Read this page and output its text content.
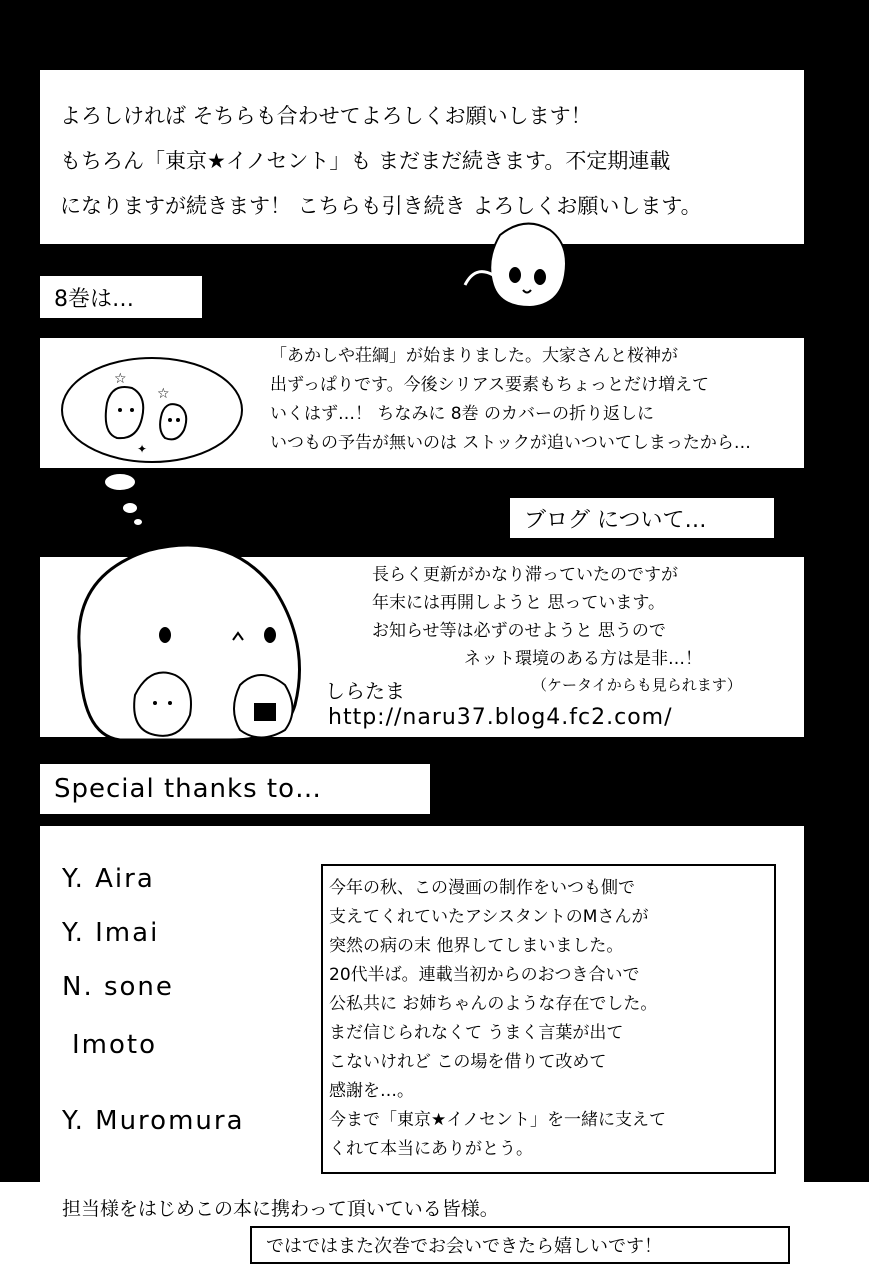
よろしければ そちらも合わせてよろしくお願いします！
もちろん「東京★イノセント」も まだまだ続きます。不定期連載
になりますが続きます！ こちらも引き続き よろしくお願いします。
8巻は…
☆
☆
✦
「あかしや荘綱」が始まりました。大家さんと桜神が
出ずっぱりです。今後シリアス要素もちょっとだけ増えて
いくはず…！ ちなみに 8巻 のカバーの折り返しに
いつもの予告が無いのは ストックが追いついてしまったから…
ブログ について…
長らく更新がかなり滞っていたのですが
年末には再開しようと 思っています。
お知らせ等は必ずのせようと 思うので
ネット環境のある方は是非…！
（ケータイからも見られます）
しらたま
http://naru37.blog4.fc2.com/
Special thanks to…
Y. Aira
Y. Imai
N. sone
Imoto
Y. Muromura
今年の秋、この漫画の制作をいつも側で
支えてくれていたアシスタントのMさんが
突然の病の末 他界してしまいました。
20代半ば。連載当初からのおつき合いで
公私共に お姉ちゃんのような存在でした。
まだ信じられなくて うまく言葉が出て
こないけれど この場を借りて改めて
感謝を…。
今まで「東京★イノセント」を一緒に支えて
くれて本当にありがとう。
担当様をはじめこの本に携わって頂いている皆様。
ではではまた次巻でお会いできたら嬉しいです！
